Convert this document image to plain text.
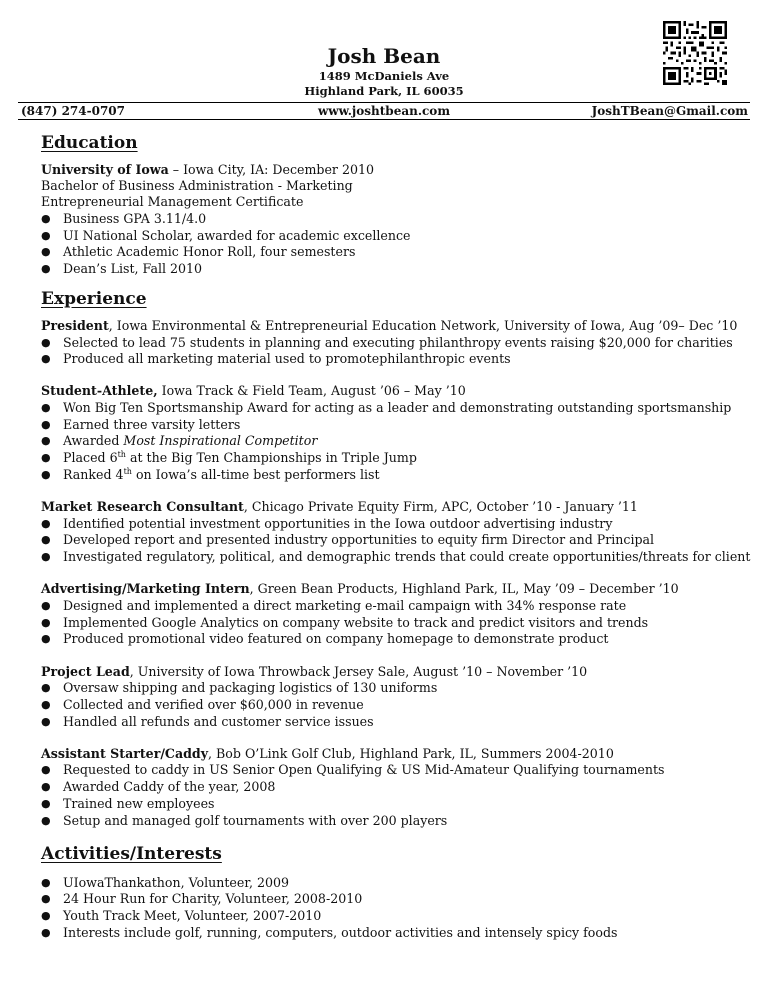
Josh Bean
1489 McDaniels Ave
Highland Park, IL 60035
www.joshtbean.com
(847) 274-0707	JoshTBean@Gmail.com
Education
University of Iowa – Iowa City, IA: December 2010
Bachelor of Business Administration - Marketing
Entrepreneurial Management Certificate
● Business GPA 3.11/4.0
● UI National Scholar, awarded for academic excellence
● Athletic Academic Honor Roll, four semesters
● Dean’s List, Fall 2010
Experience
President, Iowa Environmental & Entrepreneurial Education Network, University of Iowa, Aug ’09– Dec ’10
● Selected to lead 75 students in planning and executing philanthropy events raising $20,000 for charities
● Produced all marketing material used to promotephilanthropic events
Student-Athlete, Iowa Track & Field Team, August ’06 – May ’10
● Won Big Ten Sportsmanship Award for acting as a leader and demonstrating outstanding sportsmanship
● Earned three varsity letters
● Awarded Most Inspirational Competitor
● Placed 6th at the Big Ten Championships in Triple Jump
● Ranked 4th on Iowa’s all-time best performers list
Market Research Consultant, Chicago Private Equity Firm, APC, October ’10 - January ’11
● Identified potential investment opportunities in the Iowa outdoor advertising industry
● Developed report and presented industry opportunities to equity firm Director and Principal
● Investigated regulatory, political, and demographic trends that could create opportunities/threats for client
Advertising/Marketing Intern, Green Bean Products, Highland Park, IL, May ’09 – December ’10
● Designed and implemented a direct marketing e-mail campaign with 34% response rate
● Implemented Google Analytics on company website to track and predict visitors and trends
● Produced promotional video featured on company homepage to demonstrate product
Project Lead, University of Iowa Throwback Jersey Sale, August ’10 – November ’10
● Oversaw shipping and packaging logistics of 130 uniforms
● Collected and verified over $60,000 in revenue
● Handled all refunds and customer service issues
Assistant Starter/Caddy, Bob O’Link Golf Club, Highland Park, IL, Summers 2004-2010
● Requested to caddy in US Senior Open Qualifying & US Mid-Amateur Qualifying tournaments
● Awarded Caddy of the year, 2008
● Trained new employees
● Setup and managed golf tournaments with over 200 players
Activities/Interests
● UIowaThankathon, Volunteer, 2009
● 24 Hour Run for Charity, Volunteer, 2008-2010
● Youth Track Meet, Volunteer, 2007-2010
● Interests include golf, running, computers, outdoor activities and intensely spicy foods
